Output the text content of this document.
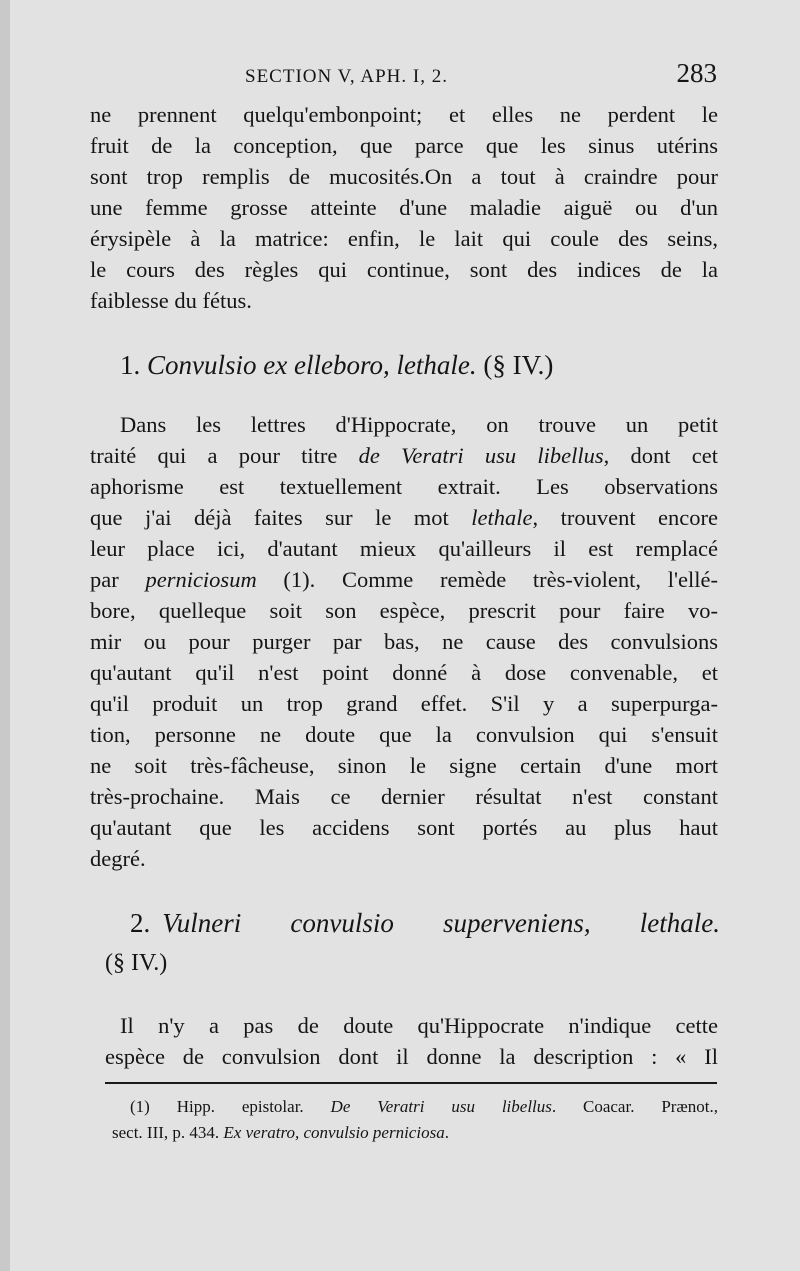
SECTION V, APH. I, 2.	283
ne prennent quelqu'embonpoint; et elles ne perdent le
fruit de la conception, que parce que les sinus utérins
sont trop remplis de mucosités.On a tout à craindre pour
une femme grosse atteinte d'une maladie aiguë ou d'un
érysipèle à la matrice: enfin, le lait qui coule des seins,
le cours des règles qui continue, sont des indices de la
faiblesse du fétus.
1. Convulsio ex elleboro, lethale. (§ IV.)
Dans les lettres d'Hippocrate, on trouve un petit
traité qui a pour titre de Veratri usu libellus, dont cet
aphorisme est textuellement extrait. Les observations
que j'ai déjà faites sur le mot lethale, trouvent encore
leur place ici, d'autant mieux qu'ailleurs il est remplacé
par perniciosum (1). Comme remède très-violent, l'ellé-
bore, quelleque soit son espèce, prescrit pour faire vo-
mir ou pour purger par bas, ne cause des convulsions
qu'autant qu'il n'est point donné à dose convenable, et
qu'il produit un trop grand effet. S'il y a superpurga-
tion, personne ne doute que la convulsion qui s'ensuit
ne soit très-fâcheuse, sinon le signe certain d'une mort
très-prochaine. Mais ce dernier résultat n'est constant
qu'autant que les accidens sont portés au plus haut
degré.
2. Vulneri convulsio superveniens, lethale.
(§ IV.)
Il n'y a pas de doute qu'Hippocrate n'indique cette
espèce de convulsion dont il donne la description : « Il
(1) Hipp. epistolar. De Veratri usu libellus. Coacar. Prænot.,
sect. III, p. 434. Ex veratro, convulsio perniciosa.
